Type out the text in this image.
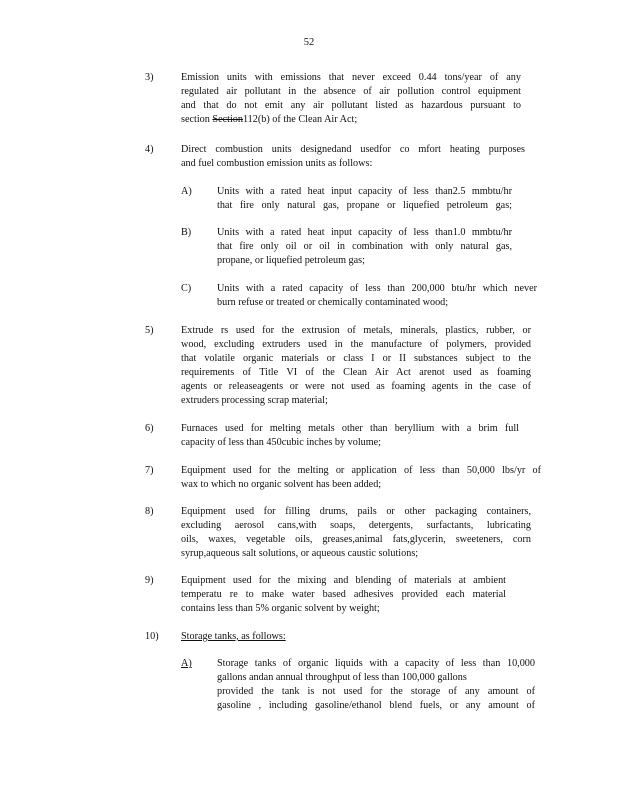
52
3)	Emission units with emissions that never exceed 0.44 tons/year of any
regulated air pollutant in the absence of air pollution control equipment
and that do not emit any air pollutant listed as hazardous pursuant to
section Section112(b) of the Clean Air Act;
4)	Direct combustion units designedand usedfor co mfort heating purposes
and fuel combustion emission units as follows:
A) Units with a rated heat input capacity of less than2.5 mmbtu/hr
that fire only natural gas, propane or liquefied petroleum gas;
B)	Units with a rated heat input capacity of less than1.0 mmbtu/hr
that fire only oil or oil in combination with only natural gas,
propane, or liquefied petroleum gas;
C)	Units with a rated capacity of less than 200,000 btu/hr which never
burn refuse or treated or chemically contaminated wood;
5)	Extrude rs used for the extrusion of metals, minerals, plastics, rubber, or
wood, excluding extruders used in the manufacture of polymers, provided
that volatile organic materials or class I or II substances subject to the
requirements of Title VI of the Clean Air Act arenot used as foaming
agents or releaseagents or were not used as foaming agents in the case of
extruders processing scrap material;
6)	Furnaces used for melting metals other than beryllium with a brim full
capacity of less than 450cubic inches by volume;
7)	Equipment used for the melting or application of less than 50,000 lbs/yr of
wax to which no organic solvent has been added;
8)	Equipment used for filling drums, pails or other packaging containers,
excluding aerosol cans,with soaps, detergents, surfactants, lubricating
oils, waxes, vegetable oils, greases,animal fats,glycerin, sweeteners, corn
syrup,aqueous salt solutions, or aqueous caustic solutions;
9)	Equipment used for the mixing and blending of materials at ambient
temperatu re to make water based adhesives provided each material
contains less than 5% organic solvent by weight;
10) Storage tanks, as follows:
A) Storage tanks of organic liquids with a capacity of less than 10,000
gallons andan annual throughput of less than 100,000 gallons
provided the tank is not used for the storage of any amount of
gasoline , including gasoline/ethanol blend fuels, or any amount of
